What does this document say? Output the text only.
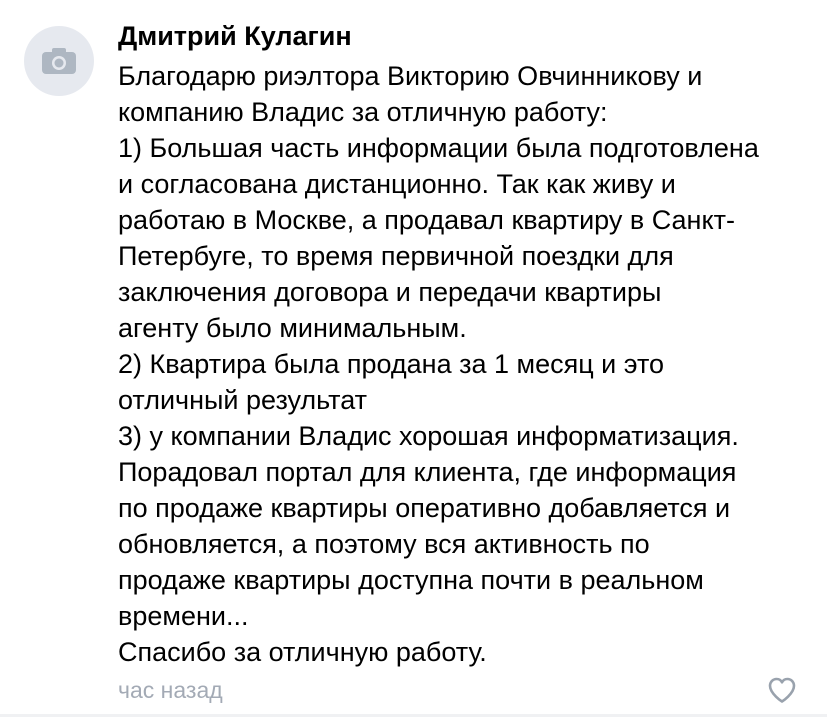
Дмитрий Кулагин
Благодарю риэлтора Викторию Овчинникову и
компанию Владис за отличную работу:
1) Большая часть информации была подготовлена
и согласована дистанционно. Так как живу и
работаю в Москве, а продавал квартиру в Санкт-
Петербуге, то время первичной поездки для
заключения договора и передачи квартиры
агенту было минимальным.
2) Квартира была продана за 1 месяц и это
отличный результат
3) у компании Владис хорошая информатизация.
Порадовал портал для клиента, где информация
по продаже квартиры оперативно добавляется и
обновляется, а поэтому вся активность по
продаже квартиры доступна почти в реальном
времени...
Спасибо за отличную работу.
час назад
